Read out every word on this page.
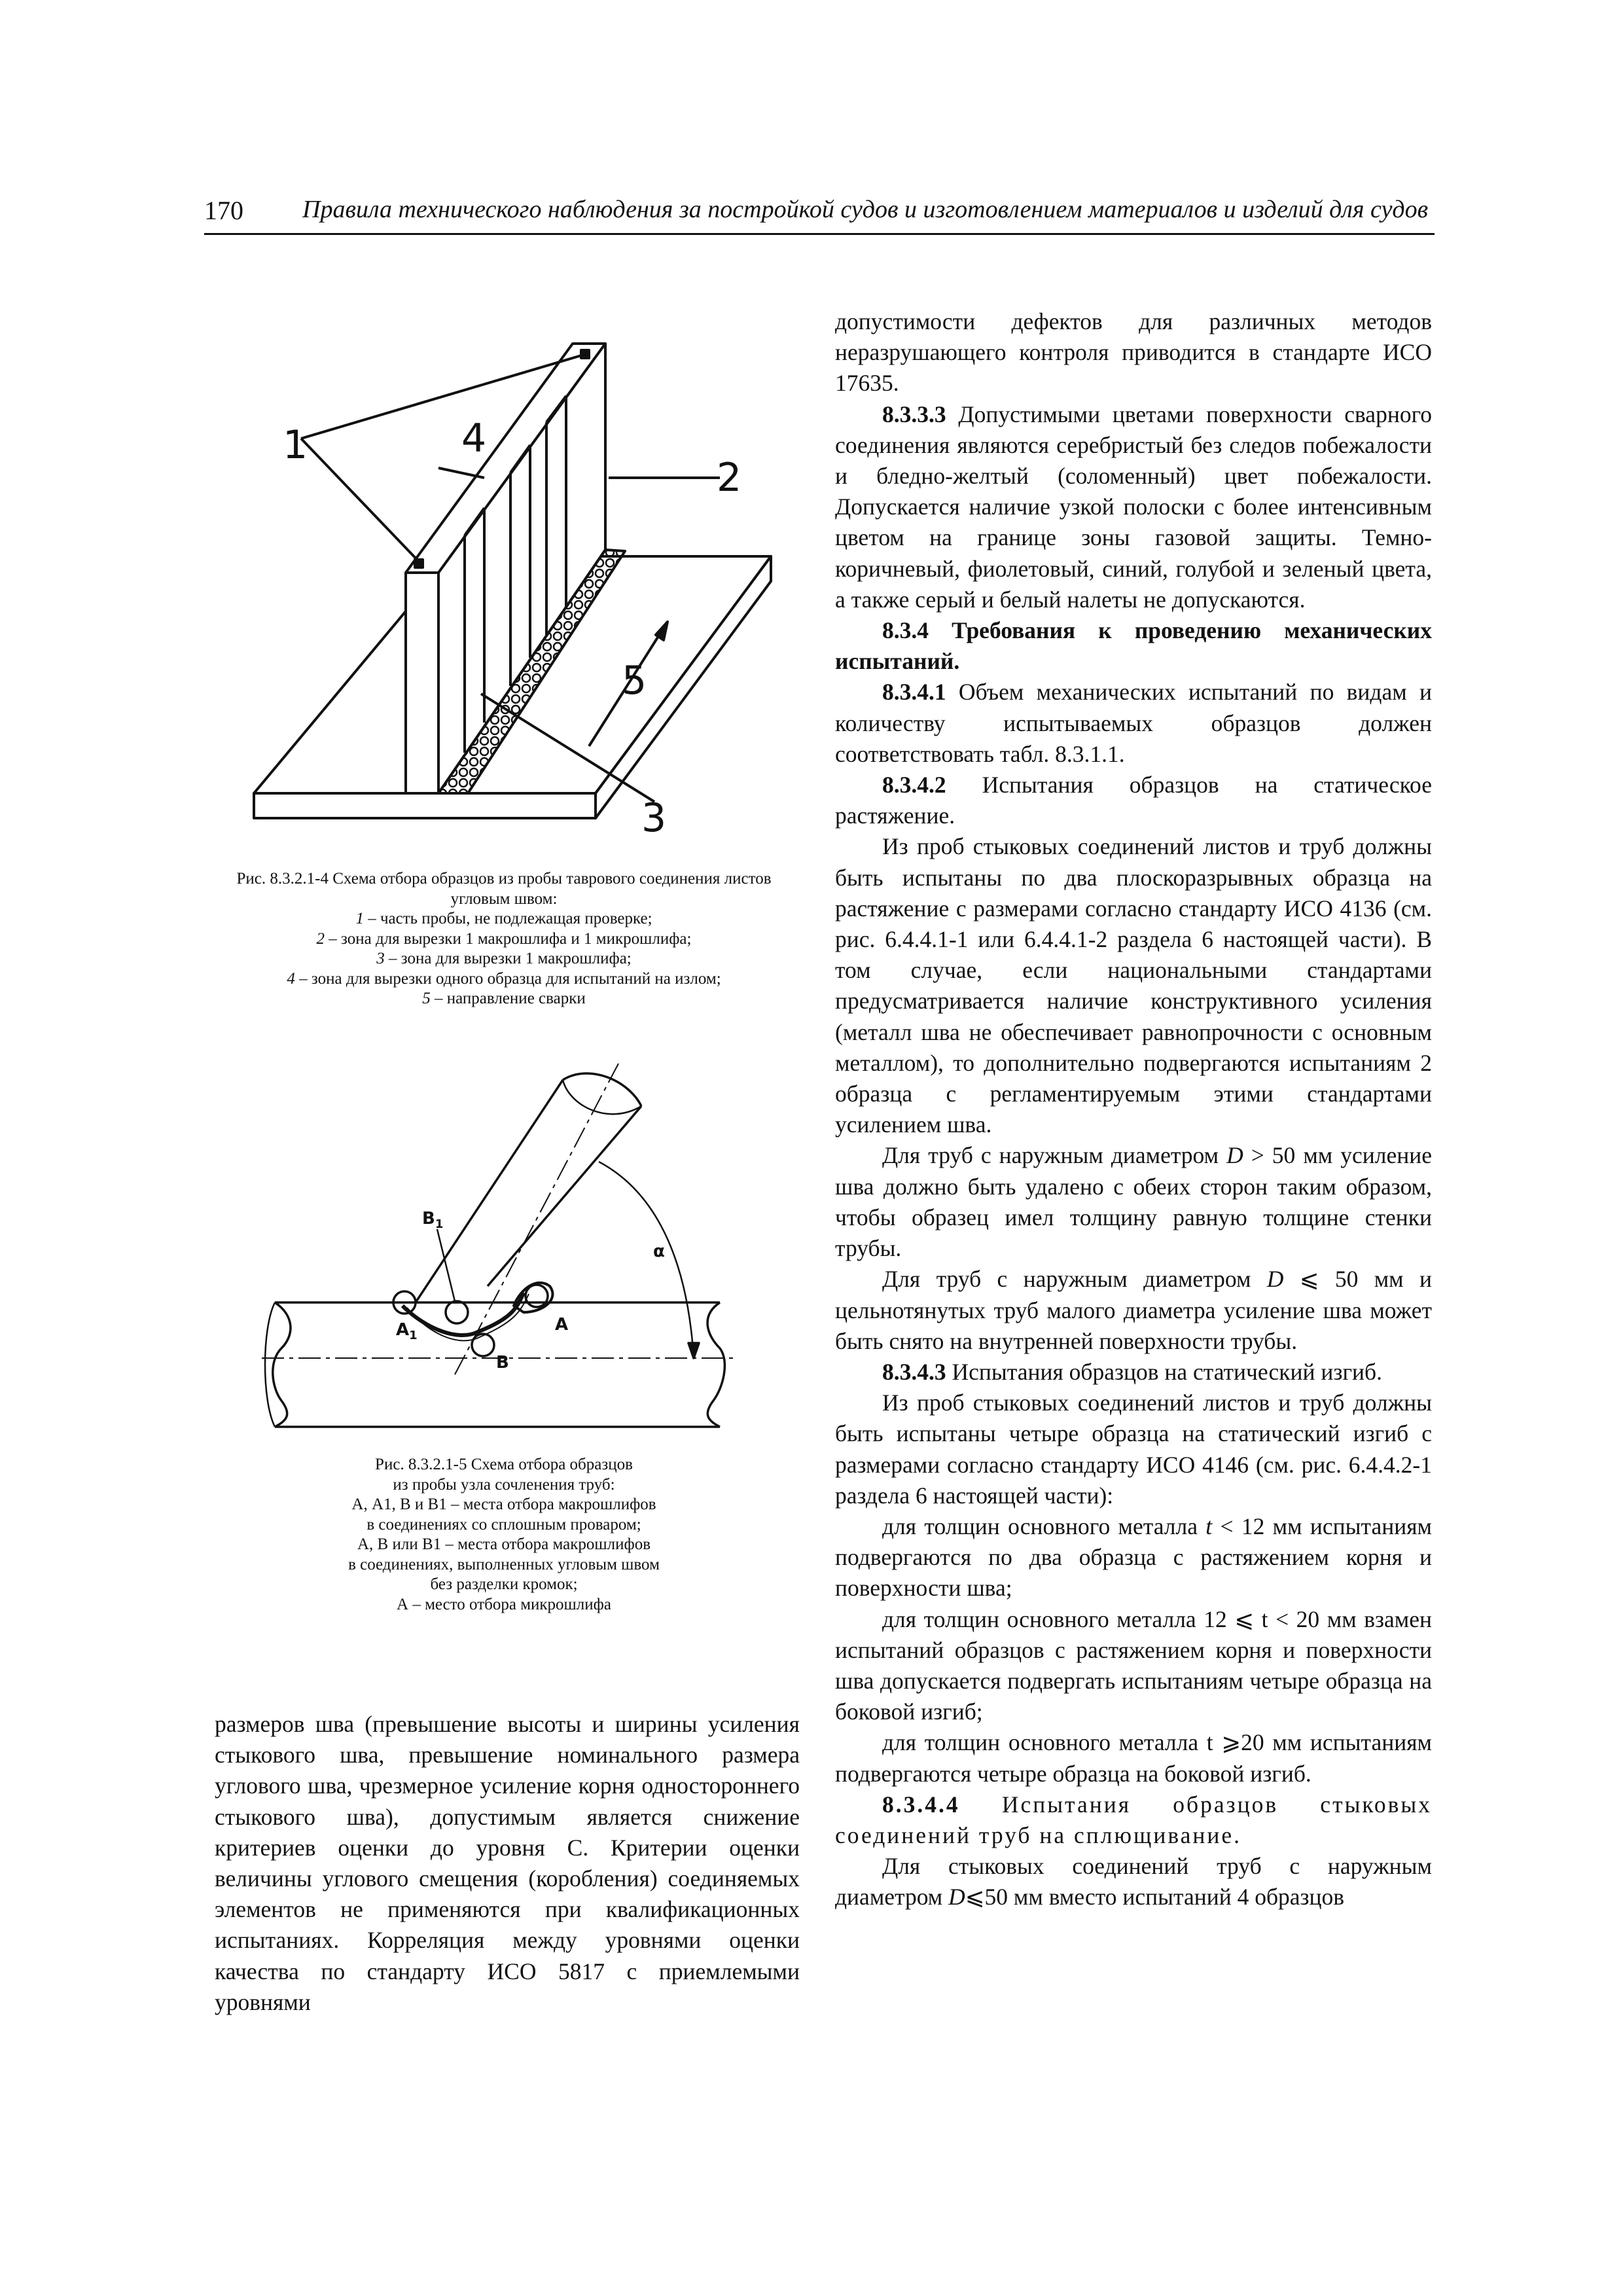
170 Правила технического наблюдения за постройкой судов и изготовлением материалов и изделий для судов
1
2
3
4
5

Рис. 8.3.2.1-4 Схема отбора образцов из пробы таврового соединения листов угловым швом:

1 – часть пробы, не подлежащая проверке;

2 – зона для вырезки 1 макрошлифа и 1 микрошлифа;

3 – зона для вырезки 1 макрошлифа;

4 – зона для вырезки одного образца для испытаний на излом;

5 – направление сварки

$B_1$
$A_1$
B
A
α

Рис. 8.3.2.1-5 Схема отбора образцов

из пробы узла сочленения труб:

А, А1, В и В1 – места отбора макрошлифов

в соединениях со сплошным проваром;

А, В или В1 – места отбора макрошлифов

в соединениях, выполненных угловым швом

без разделки кромок;

А – место отбора микрошлифа

размеров шва (превышение высоты и ширины усиления стыкового шва, превышение номинального размера углового шва, чрезмерное усиление корня одностороннего стыкового шва), допустимым является снижение критериев оценки до уровня С. Критерии оценки величины углового смещения (коробления) соединяемых элементов не применяются при квалификационных испытаниях. Корреляция между уровнями оценки качества по стандарту ИСО 5817 с приемлемыми уровнями

допустимости дефектов для различных методов неразрушающего контроля приводится в стандарте ИСО 17635.

8.3.3.3 Допустимыми цветами поверхности сварного соединения являются серебристый без следов побежалости и бледно-желтый (соломенный) цвет побежалости. Допускается наличие узкой полоски с более интенсивным цветом на границе зоны газовой защиты. Темно-коричневый, фиолетовый, синий, голубой и зеленый цвета, а также серый и белый налеты не допускаются.

8.3.4 Требования к проведению механических испытаний.

8.3.4.1 Объем механических испытаний по видам и количеству испытываемых образцов должен соответствовать табл. 8.3.1.1.

8.3.4.2 Испытания образцов на статическое растяжение.

Из проб стыковых соединений листов и труб должны быть испытаны по два плоскоразрывных образца на растяжение с размерами согласно стандарту ИСО 4136 (см. рис. 6.4.4.1-1 или 6.4.4.1-2 раздела 6 настоящей части). В том случае, если национальными стандартами предусматривается наличие конструктивного усиления (металл шва не обеспечивает равнопрочности с основным металлом), то дополнительно подвергаются испытаниям 2 образца с регламентируемым этими стандартами усилением шва.

Для труб с наружным диаметром D > 50 мм усиление шва должно быть удалено с обеих сторон таким образом, чтобы образец имел толщину равную толщине стенки трубы.

Для труб с наружным диаметром D ⩽ 50 мм и цельнотянутых труб малого диаметра усиление шва может быть снято на внутренней поверхности трубы.

8.3.4.3 Испытания образцов на статический изгиб.

Из проб стыковых соединений листов и труб должны быть испытаны четыре образца на статический изгиб с размерами согласно стандарту ИСО 4146 (см. рис. 6.4.4.2-1 раздела 6 настоящей части):

для толщин основного металла t < 12 мм испытаниям подвергаются по два образца с растяжением корня и поверхности шва;

для толщин основного металла 12 ⩽ t < 20 мм взамен испытаний образцов с растяжением корня и поверхности шва допускается подвергать испытаниям четыре образца на боковой изгиб;

для толщин основного металла t ⩾20 мм испытаниям подвергаются четыре образца на боковой изгиб.

8.3.4.4 Испытания образцов стыковых соединений труб на сплющивание.

Для стыковых соединений труб с наружным диаметром D⩽50 мм вместо испытаний 4 образцов
